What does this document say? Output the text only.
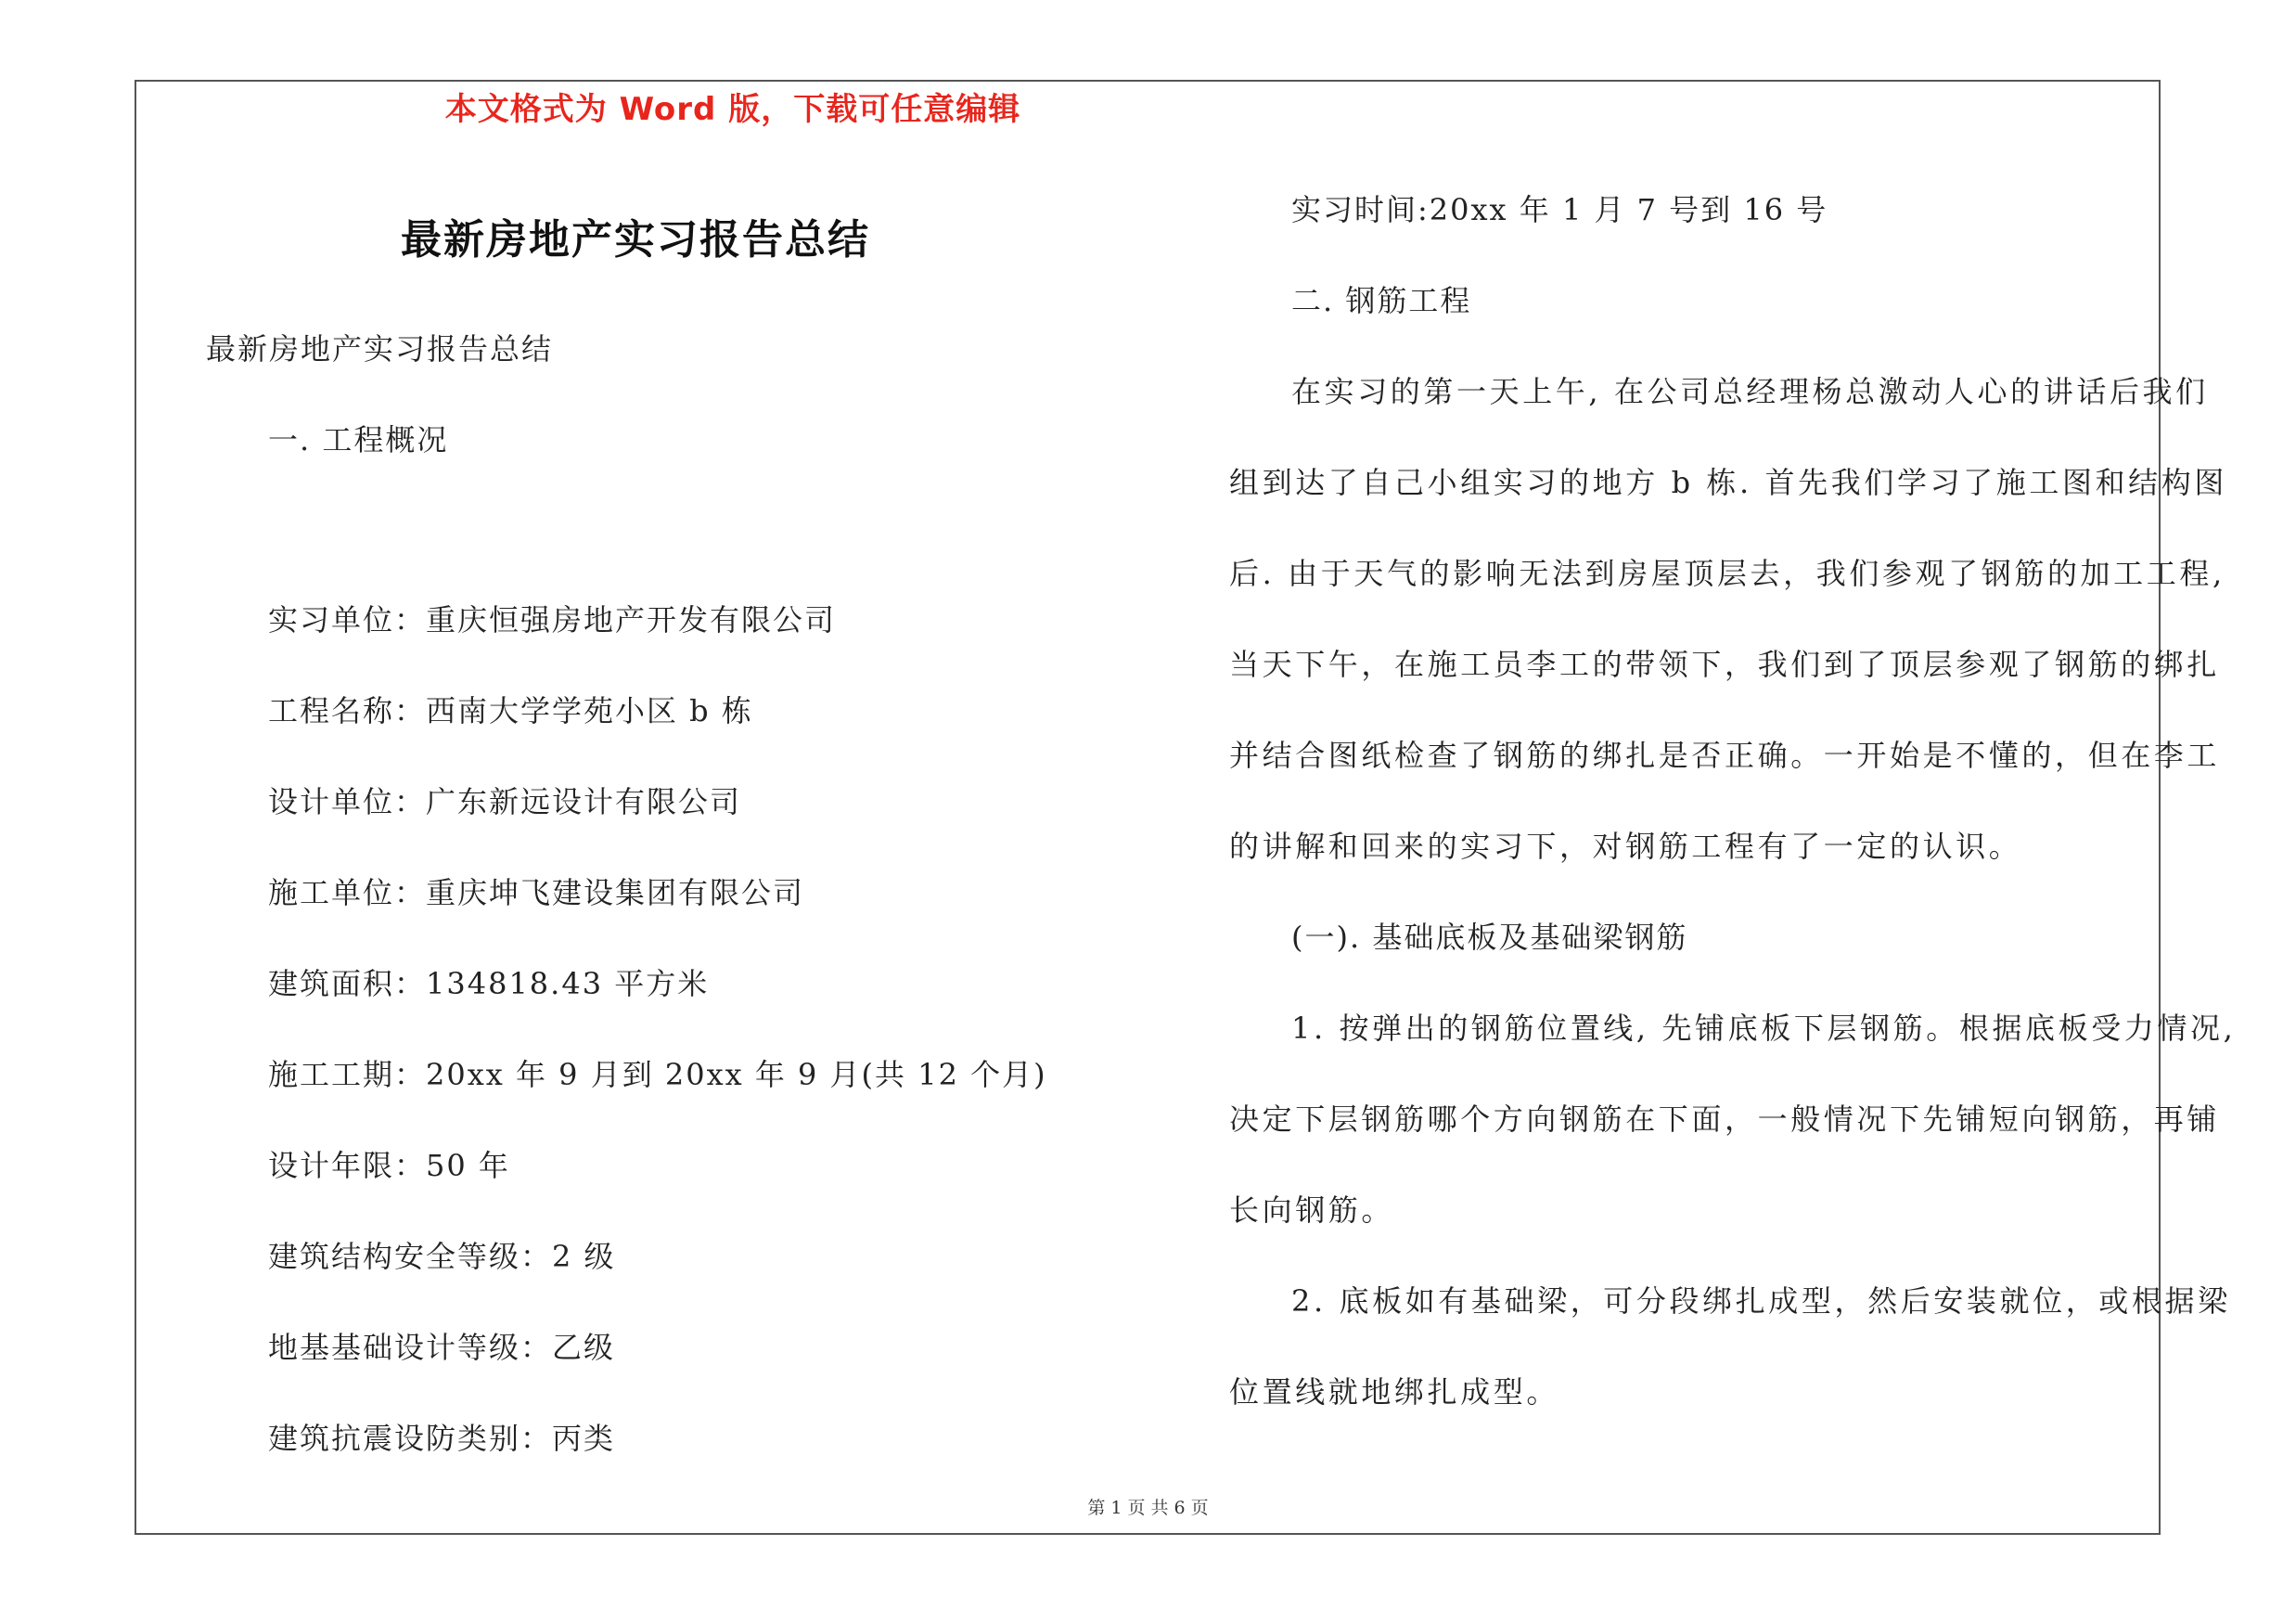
本文格式为 Word 版，下载可任意编辑
最新房地产实习报告总结
最新房地产实习报告总结
一. 工程概况
实习单位：重庆恒强房地产开发有限公司
工程名称：西南大学学苑小区 b 栋
设计单位：广东新远设计有限公司
施工单位：重庆坤飞建设集团有限公司
建筑面积：134818.43 平方米
施工工期：20xx 年 9 月到 20xx 年 9 月(共 12 个月)
设计年限：50 年
建筑结构安全等级：2 级
地基基础设计等级：乙级
建筑抗震设防类别：丙类
实习时间:20xx 年 1 月 7 号到 16 号
二. 钢筋工程
在实习的第一天上午, 在公司总经理杨总激动人心的讲话后我们
组到达了自己小组实习的地方 b 栋. 首先我们学习了施工图和结构图
后. 由于天气的影响无法到房屋顶层去，我们参观了钢筋的加工工程,
当天下午，在施工员李工的带领下，我们到了顶层参观了钢筋的绑扎
并结合图纸检查了钢筋的绑扎是否正确。一开始是不懂的，但在李工
的讲解和回来的实习下，对钢筋工程有了一定的认识。
(一). 基础底板及基础梁钢筋
1. 按弹出的钢筋位置线, 先铺底板下层钢筋。根据底板受力情况,
决定下层钢筋哪个方向钢筋在下面，一般情况下先铺短向钢筋，再铺
长向钢筋。
2. 底板如有基础梁，可分段绑扎成型，然后安装就位，或根据梁
位置线就地绑扎成型。
第 1 页 共 6 页
